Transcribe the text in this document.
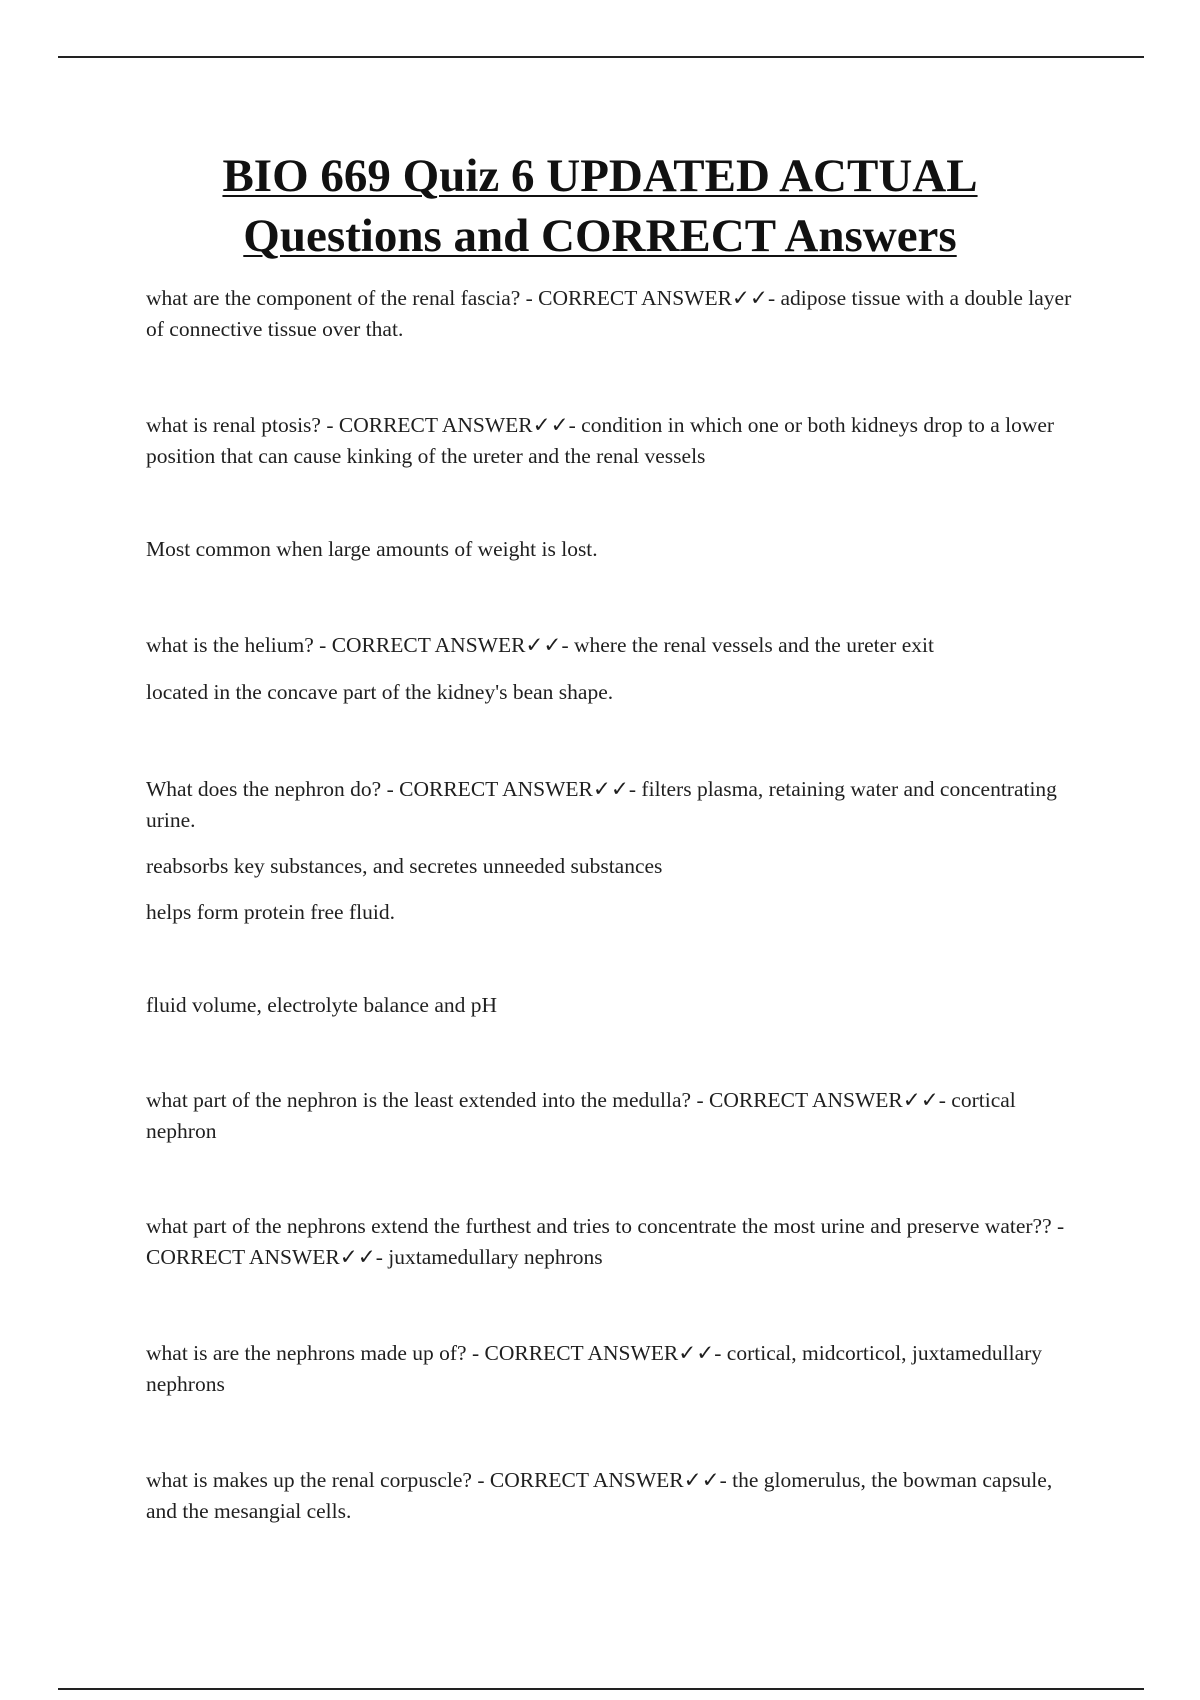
BIO 669 Quiz 6 UPDATED ACTUAL
Questions and CORRECT Answers

what are the component of the renal fascia? - CORRECT ANSWER✓✓- adipose tissue with a double layer of connective tissue over that.

what is renal ptosis? - CORRECT ANSWER✓✓- condition in which one or both kidneys drop to a lower position that can cause kinking of the ureter and the renal vessels

Most common when large amounts of weight is lost.

what is the helium? - CORRECT ANSWER✓✓- where the renal vessels and the ureter exit

located in the concave part of the kidney's bean shape.

What does the nephron do? - CORRECT ANSWER✓✓- filters plasma, retaining water and concentrating urine.

reabsorbs key substances, and secretes unneeded substances

helps form protein free fluid.

fluid volume, electrolyte balance and pH

what part of the nephron is the least extended into the medulla? - CORRECT ANSWER✓✓- cortical nephron

what part of the nephrons extend the furthest and tries to concentrate the most urine and preserve water?? - CORRECT ANSWER✓✓- juxtamedullary nephrons

what is are the nephrons made up of? - CORRECT ANSWER✓✓- cortical, midcorticol, juxtamedullary nephrons

what is makes up the renal corpuscle? - CORRECT ANSWER✓✓- the glomerulus, the bowman capsule, and the mesangial cells.
